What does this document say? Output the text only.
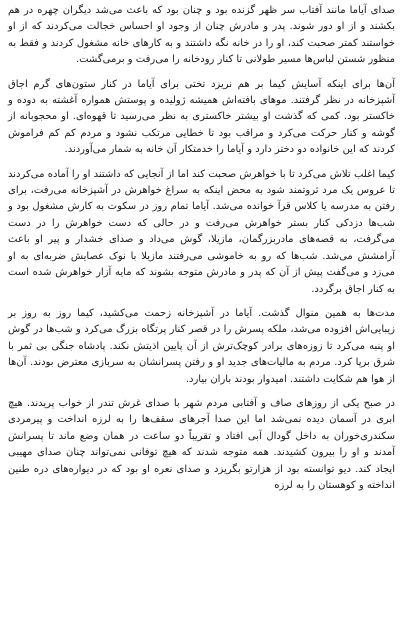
صدای آیاما مانند آفتاب سر ظهر گزنده بود و چنان بود که باعث می‌شد دیگران چهره در هم بکشند و از او دور شوند. پدر و مادرش چنان از وجود او احساس خجالت می‌کردند که از او خواستند کمتر صحبت کند، او را در خانه نگه داشتند و به کارهای خانه مشغول کردند و فقط به منظور شستن لباس‌ها مسیر طولانی تا کنار رودخانه را می‌رفت و برمی‌گشت.

آن‌ها برای اینکه آسایش کیما بر هم نریزد تختی برای آیاما در کنار ستون‌های گرم اجاق آشپزخانه در نظر گرفتند. موهای بافته‌اش همیشه ژولیده و پوستش همواره آغشته به دوده و خاکستر بود. کمی که گذشت او بیشتر خاکستری به نظر می‌رسید تا قهوه‌ای. او محجوبانه از گوشه و کنار حرکت می‌کرد و مراقب بود تا خطایی مرتکب نشود و مردم کم کم فراموش کردند که این خانواده دو دختر دارد و آیاما را خدمتکار آن خانه به شمار می‌آوردند.

کیما اغلب تلاش می‌کرد تا با خواهرش صحبت کند اما از آنجایی که داشتند او را آماده می‌کردند تا عروس یک مرد ثروتمند شود به محض اینکه به سراغ خواهرش در آشپزخانه می‌رفت، برای رفتن به مدرسه یا کلاس قرآ خوانده می‌شد. آیاما تمام روز در سکوت به کارش مشغول بود و شب‌ها دزدکی کنار بستر خواهرش می‌رفت و در حالی که دست خواهرش را در دست می‌گرفت، به قصه‌های مادربزرگمان، مازیلا، گوش می‌داد و صدای خشدار و پیر او باعث آرامشش می‌شد. شب‌ها که رو به خاموشی می‌رفتند مازیلا با نوک عصایش ضربه‌ای به او می‌زد و می‌گفت پیش از آن که پدر و مادرش متوجه بشوند که مایه آزار خواهرش شده است به کنار اجاق برگردد.

مدت‌ها به همین منوال گذشت. آیاما در آشپزخانه زحمت می‌کشید، کیما روز به روز بر زیبایی‌اش افزوده می‌شد، ملکه پسرش را در قصر کنار پرتگاه بزرگ می‌کرد و شب‌ها در گوش او پنبه می‌کرد تا زوزه‌های برادر کوچک‌ترش از آن پایین اذیتش نکند. پادشاه جنگی بی ثمر با شرق برپا کرد. مردم به مالیات‌های جدید او و رفتن پسرانشان به سربازی معترض بودند. آن‌ها از هوا هم شکایت داشتند. امیدوار بودند باران بیارد.

در صبح یکی از روزهای صاف و آفتابی مردم شهر با صدای غرش تندر از خواب پریدند. هیچ ابری در آسمان دیده نمی‌شد اما این صدا آجرهای سقف‌ها را به لرزه انداخت و پیرمردی سکندری‌خوران به داخل گودال آبی افتاد و تقریباً دو ساعت در همان وضع ماند تا پسرانش آمدند و او را بیرون کشیدند. همه متوجه شدند که هیچ توفانی نمی‌تواند چنان صدای مهیبی ایجاد کند. دیو توانسته بود از هزارتو بگریزد و صدای نعره او بود که در دیواره‌های دره طنین انداخته و کوهستان را به لرزه
